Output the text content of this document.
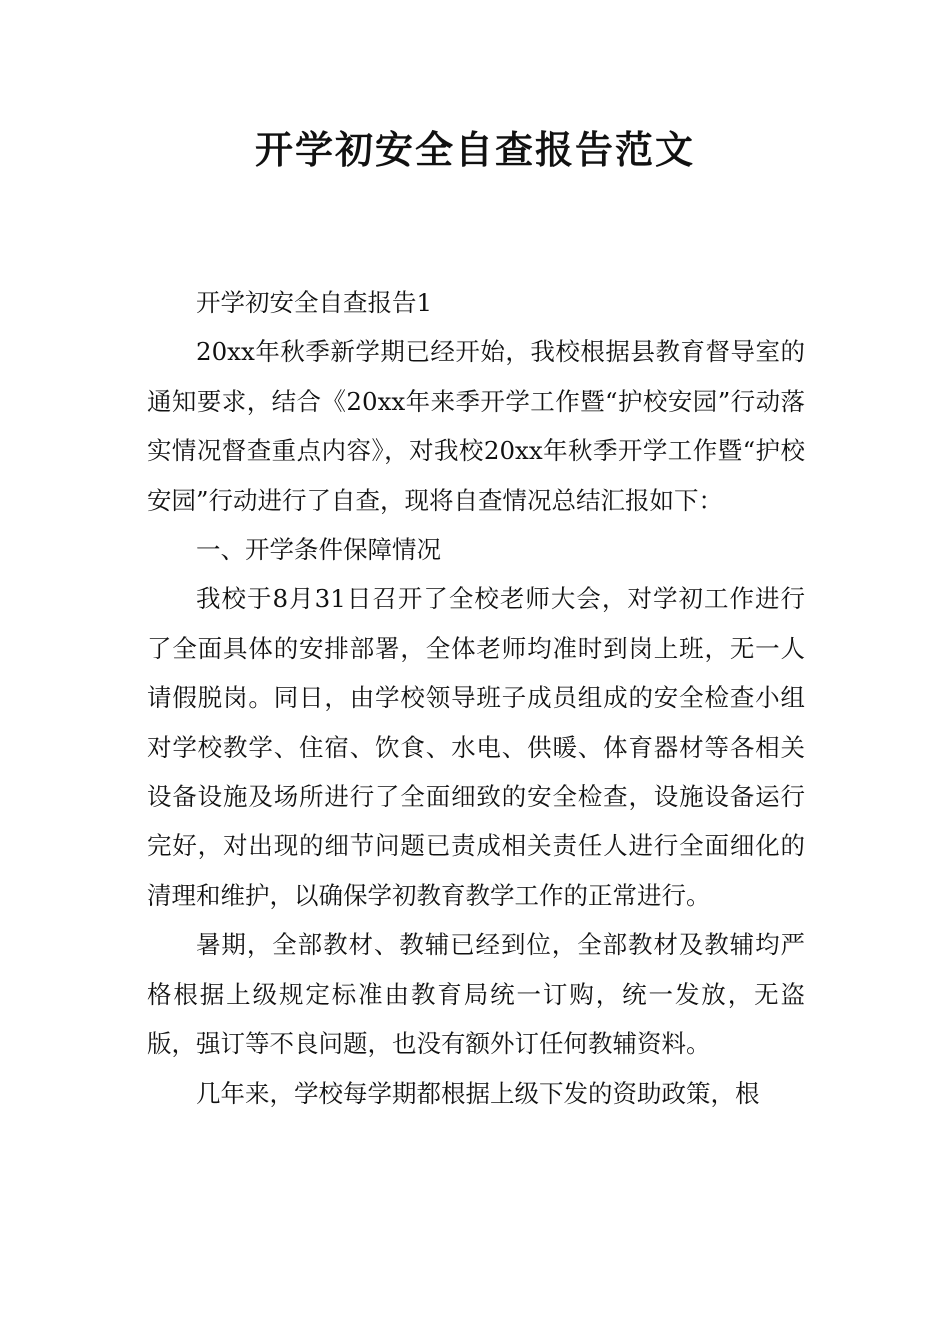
开学初安全自查报告范文

开学初安全自查报告1

20xx年秋季新学期已经开始，我校根据县教育督导室的通知要求，结合《20xx年来季开学工作暨“护校安园”行动落实情况督查重点内容》，对我校20xx年秋季开学工作暨“护校安园”行动进行了自查，现将自查情况总结汇报如下：

一、开学条件保障情况

我校于8月31日召开了全校老师大会，对学初工作进行了全面具体的安排部署，全体老师均准时到岗上班，无一人请假脱岗。同日，由学校领导班子成员组成的安全检查小组对学校教学、住宿、饮食、水电、供暖、体育器材等各相关设备设施及场所进行了全面细致的安全检查，设施设备运行完好，对出现的细节问题已责成相关责任人进行全面细化的清理和维护，以确保学初教育教学工作的正常进行。

暑期，全部教材、教辅已经到位，全部教材及教辅均严格根据上级规定标准由教育局统一订购，统一发放，无盗版，强订等不良问题，也没有额外订任何教辅资料。

几年来，学校每学期都根据上级下发的资助政策，根
